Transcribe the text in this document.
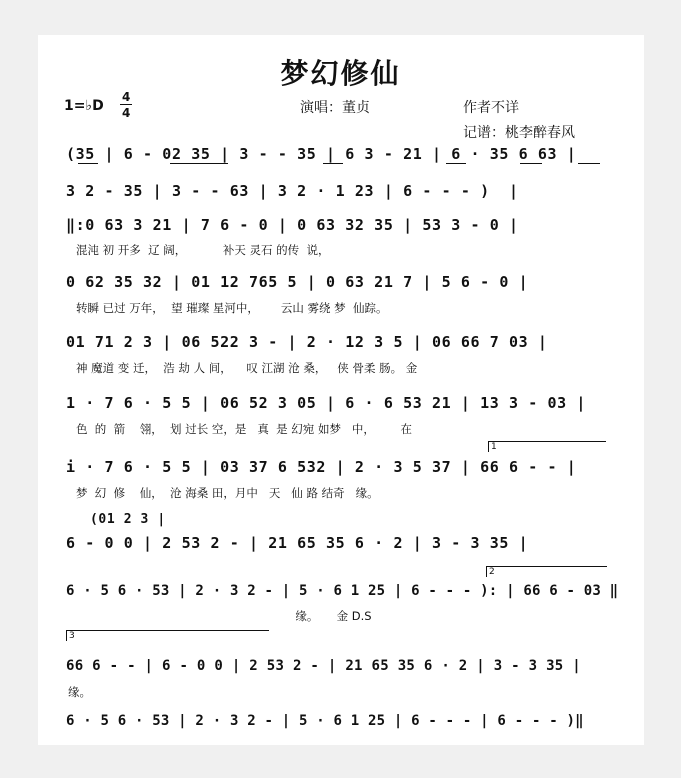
梦幻修仙
1=♭D
4
4	演唱：董贞	作者不详
记谱：桃李醉春风
(35 | 6 - 02 35 | 3 - - 35 | 6 3 - 21 | 6 · 35 6 63 |
3 2 - 35 | 3 - - 63 | 3 2 · 1 23 | 6 - - - )  |
‖:0 63 3 21 | 7 6 - 0 | 0 63 32 35 | 53 3 - 0 |
混沌 初 开多  辽 阔，          补天 灵石 的传  说，
0 62 35 32 | 01 12 765 5 | 0 63 21 7 | 5 6 - 0 |
转瞬 已过 万年，  望 璀璨 星河中，      云山 雾绕 梦  仙踪。
01 71 2 3 | 06 522 3 - | 2 · 12 3 5 | 06 66 7 03 |
神 魔道 变 迁，  浩 劫 人 间，    叹 江湖 沧 桑，   侠 骨柔 肠。 金
1 · 7 6 · 5 5 | 06 52 3 05 | 6 · 6 53 21 | 13 3 - 03 |
色  的  箭    翎，  划 过长 空，是   真  是 幻宛 如梦   中，       在
i · 7 6 · 5 5 | 03 37 6 532 | 2 · 3 5 37 | 66 6 - - |
梦  幻  修    仙，  沧 海桑 田，月中   天   仙 路 结奇   缘。
1
(01 2 3 |
6 - 0 0 | 2 53 2 - | 21 65 35 6 · 2 | 3 - 3 35 |
6 · 5 6 · 53 | 2 · 3 2 - | 5 · 6 1 25 | 6 - - - ): | 66 6 - 03 ‖
缘。     金 D.S
2
3
66 6 - - | 6 - 0 0 | 2 53 2 - | 21 65 35 6 · 2 | 3 - 3 35 |
缘。
6 · 5 6 · 53 | 2 · 3 2 - | 5 · 6 1 25 | 6 - - - | 6 - - - )‖
